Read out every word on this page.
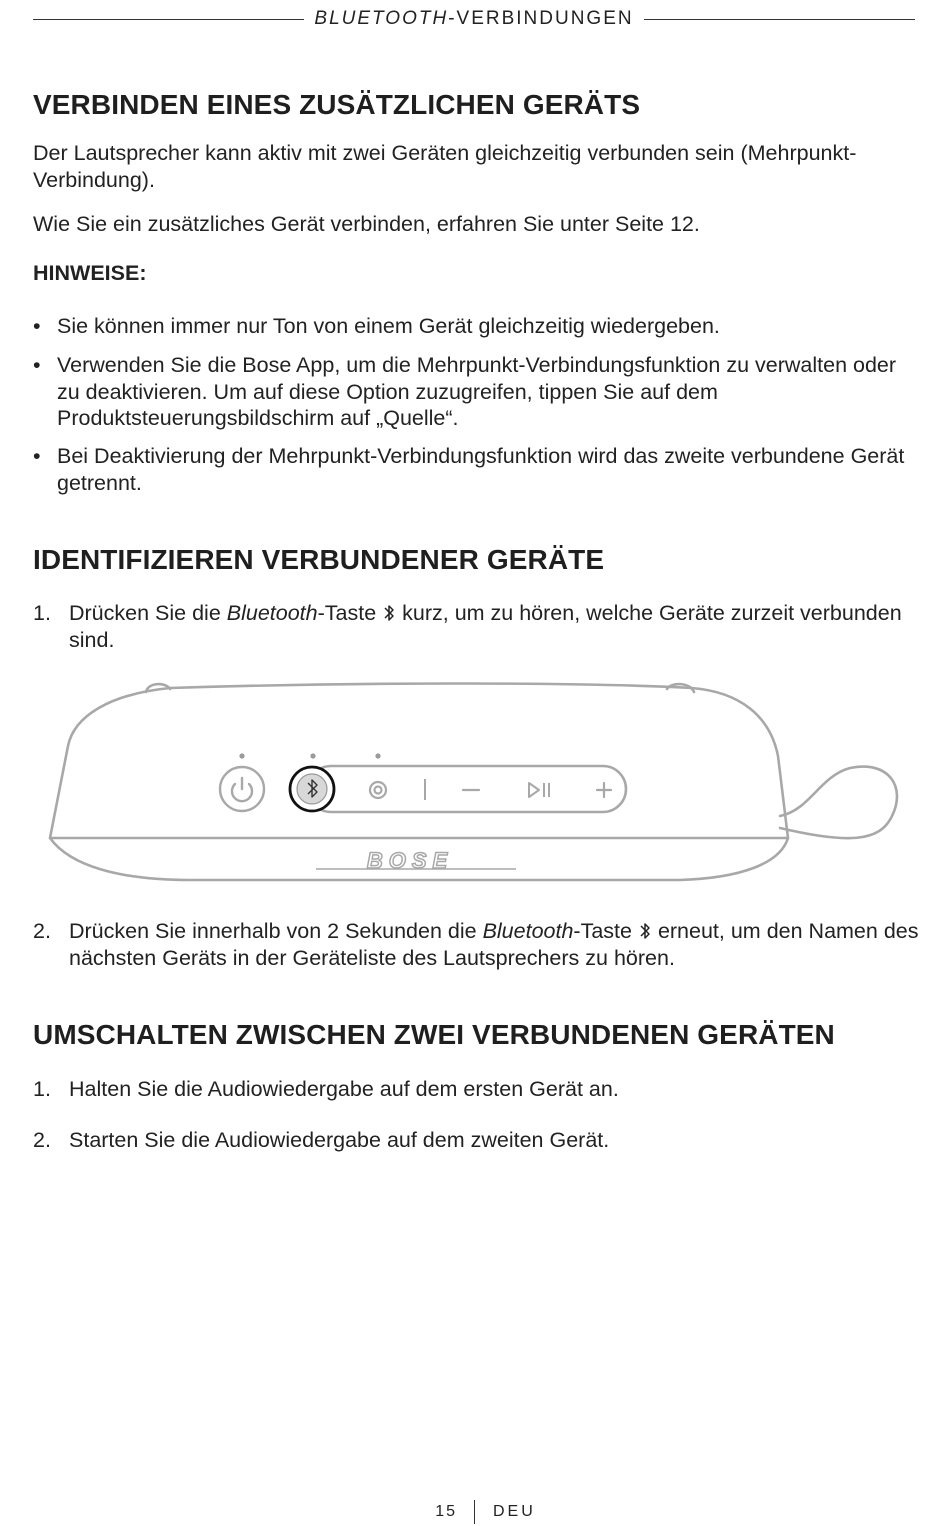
BLUETOOTH-VERBINDUNGEN
VERBINDEN EINES ZUSÄTZLICHEN GERÄTS

Der Lautsprecher kann aktiv mit zwei Geräten gleichzeitig verbunden sein (Mehrpunkt-Verbindung).

Wie Sie ein zusätzliches Gerät verbinden, erfahren Sie unter Seite 12.

HINWEISE:

• Sie können immer nur Ton von einem Gerät gleichzeitig wiedergeben.
• Verwenden Sie die Bose App, um die Mehrpunkt-Verbindungsfunktion zu verwalten oder zu deaktivieren. Um auf diese Option zuzugreifen, tippen Sie auf dem Produktsteuerungsbildschirm auf „Quelle“.
• Bei Deaktivierung der Mehrpunkt-Verbindungsfunktion wird das zweite verbundene Gerät getrennt.
IDENTIFIZIEREN VERBUNDENER GERÄTE
1. Drücken Sie die Bluetooth-Taste  kurz, um zu hören, welche Geräte zurzeit verbunden sind.
BOSE
2. Drücken Sie innerhalb von 2 Sekunden die Bluetooth-Taste  erneut, um den Namen des nächsten Geräts in der Geräteliste des Lautsprechers zu hören.
UMSCHALTEN ZWISCHEN ZWEI VERBUNDENEN GERÄTEN
1. Halten Sie die Audiowiedergabe auf dem ersten Gerät an.
2. Starten Sie die Audiowiedergabe auf dem zweiten Gerät.
15 DEU
